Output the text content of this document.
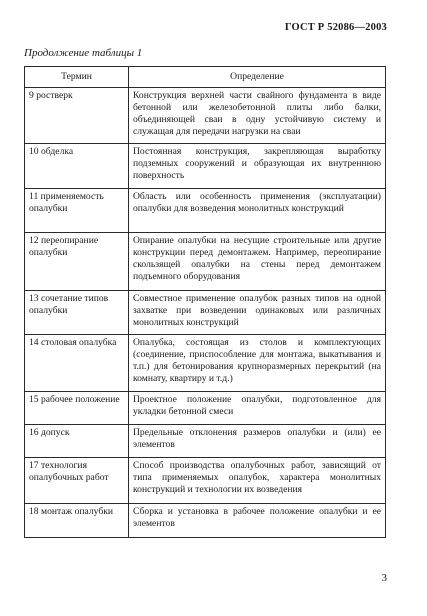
ГОСТ Р 52086—2003
Продолжение таблицы 1
Термин	Определение
9 ростверк	Конструкция верхней части свайного фундамента в виде бетонной или железобетонной плиты либо балки, объединяющей сваи в одну устойчивую систему и служащая для передачи нагрузки на сваи
10 обделка	Постоянная конструкция, закрепляющая выработку подземных сооружений и образующая их внутреннюю поверхность
11 применяемость опалубки	Область или особенность применения (эксплуатации) опалубки для возведения монолитных конструкций
12 переопирание опалубки	Опирание опалубки на несущие строительные или другие конструкции перед демонтажем. Например, переопирание скользящей опалубки на стены перед демонтажем подъемного оборудования
13 сочетание типов опалубки	Совместное применение опалубок разных типов на одной захватке при возведении одинаковых или различных монолитных конструкций
14 столовая опалубка	Опалубка, состоящая из столов и комплектующих (соединение, приспособление для монтажа, выкатывания и т.п.) для бетонирования крупноразмерных перекрытий (на комнату, квартиру и т.д.)
15 рабочее положение	Проектное положение опалубки, подготовленное для укладки бетонной смеси
16 допуск	Предельные отклонения размеров опалубки и (или) ее элементов
17 технология опалубочных работ	Способ производства опалубочных работ, зависящий от типа применяемых опалубок, характера монолитных конструкций и технологии их возведения
18 монтаж опалубки	Сборка и установка в рабочее положение опалубки и ее элементов
3
